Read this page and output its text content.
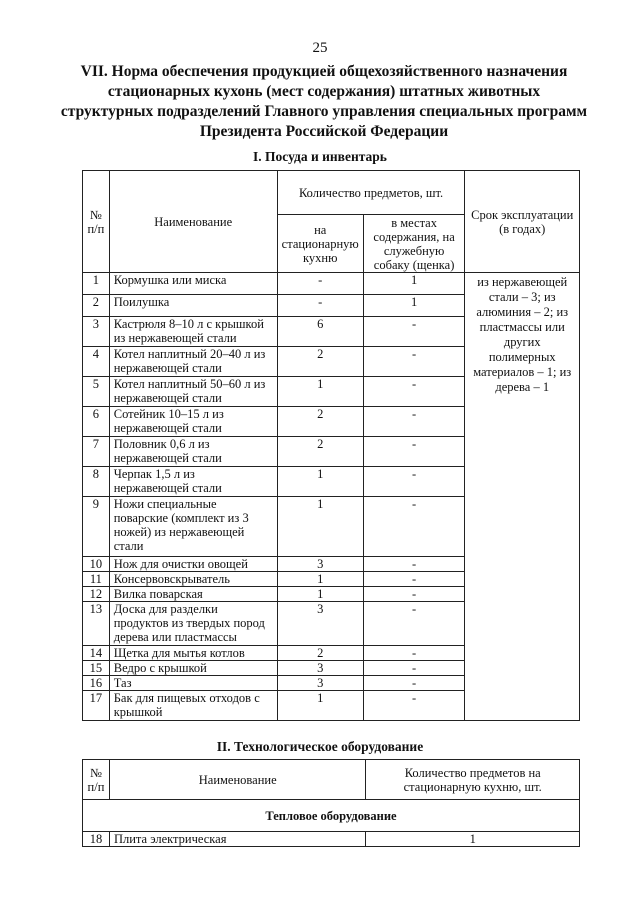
25
VII. Норма обеспечения продукцией общехозяйственного назначения стационарных кухонь (мест содержания) штатных животных структурных подразделений Главного управления специальных программ Президента Российской Федерации
I. Посуда и инвентарь
№ п/п	Наименование	Количество предметов, шт.		Срок эксплуатации (в годах)
		на стационарную кухню	в местах содержания, на служебную собаку (щенка)	
1	Кормушка или миска	-	1	из нержавеющей стали – 3; из алюминия – 2; из пластмассы или других полимерных материалов – 1; из дерева – 1
2	Поилушка	-	1	
3	Кастрюля 8–10 л с крышкой из нержавеющей стали	6	-	
4	Котел наплитный 20–40 л из нержавеющей стали	2	-	
5	Котел наплитный 50–60 л из нержавеющей стали	1	-	
6	Сотейник 10–15 л из нержавеющей стали	2	-	
7	Половник 0,6 л из нержавеющей стали	2	-	
8	Черпак 1,5 л из нержавеющей стали	1	-	
9	Ножи специальные поварские (комплект из 3 ножей) из нержавеющей стали	1	-	
10	Нож для очистки овощей	3	-	
11	Консервовскрыватель	1	-	
12	Вилка поварская	1	-	
13	Доска для разделки продуктов из твердых пород дерева или пластмассы	3	-	
14	Щетка для мытья котлов	2	-	
15	Ведро с крышкой	3	-	
16	Таз	3	-	
17	Бак для пищевых отходов с крышкой	1	-	
II. Технологическое оборудование
№ п/п	Наименование	Количество предметов на стационарную кухню, шт.
Тепловое оборудование		
18	Плита электрическая	1
